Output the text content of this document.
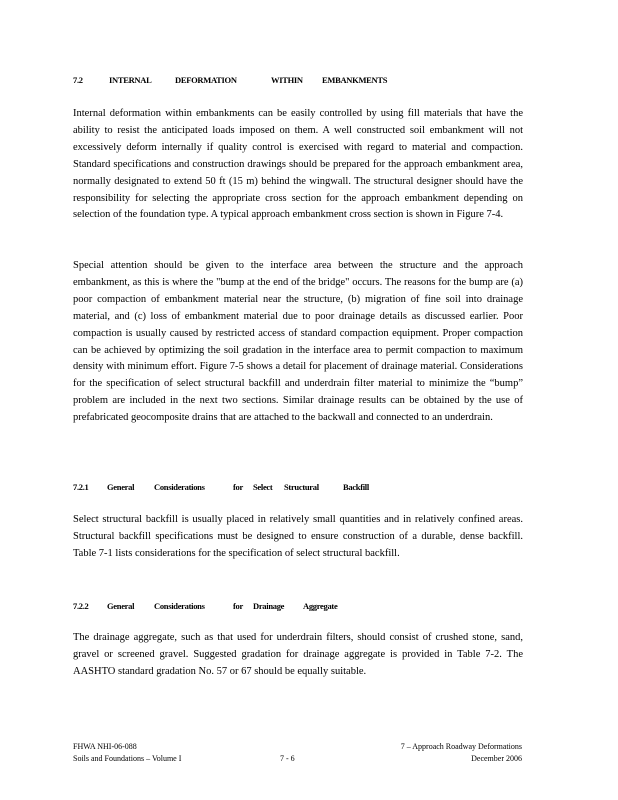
7.2	INTERNAL	DEFORMATION	WITHIN EMBANKMENTS

Internal deformation within embankments can be easily controlled by using fill materials that have the ability to resist the anticipated loads imposed on them. A well constructed soil embankment will not excessively deform internally if quality control is exercised with regard to material and compaction. Standard specifications and construction drawings should be prepared for the approach embankment area, normally designated to extend 50 ft (15 m) behind the wingwall. The structural designer should have the responsibility for selecting the appropriate cross section for the approach embankment depending on selection of the foundation type. A typical approach embankment cross section is shown in Figure 7-4.

Special attention should be given to the interface area between the structure and the approach embankment, as this is where the "bump at the end of the bridge" occurs. The reasons for the bump are (a) poor compaction of embankment material near the structure, (b) migration of fine soil into drainage material, and (c) loss of embankment material due to poor drainage details as discussed earlier. Poor compaction is usually caused by restricted access of standard compaction equipment. Proper compaction can be achieved by optimizing the soil gradation in the interface area to permit compaction to maximum density with minimum effort. Figure 7-5 shows a detail for placement of drainage material. Considerations for the specification of select structural backfill and underdrain filter material to minimize the “bump” problem are included in the next two sections. Similar drainage results can be obtained by the use of prefabricated geocomposite drains that are attached to the backwall and connected to an underdrain.

7.2.1 General Considerations	for Select Structural	Backfill

Select structural backfill is usually placed in relatively small quantities and in relatively confined areas. Structural backfill specifications must be designed to ensure construction of a durable, dense backfill. Table 7-1 lists considerations for the specification of select structural backfill.

7.2.2 General Considerations	for Drainage Aggregate

The drainage aggregate, such as that used for underdrain filters, should consist of crushed stone, sand, gravel or screened gravel. Suggested gradation for drainage aggregate is provided in Table 7-2. The AASHTO standard gradation No. 57 or 67 should be equally suitable.

FHWA NHI-06-088
Soils and Foundations – Volume I	7 - 6
7 – Approach Roadway Deformations
December 2006
